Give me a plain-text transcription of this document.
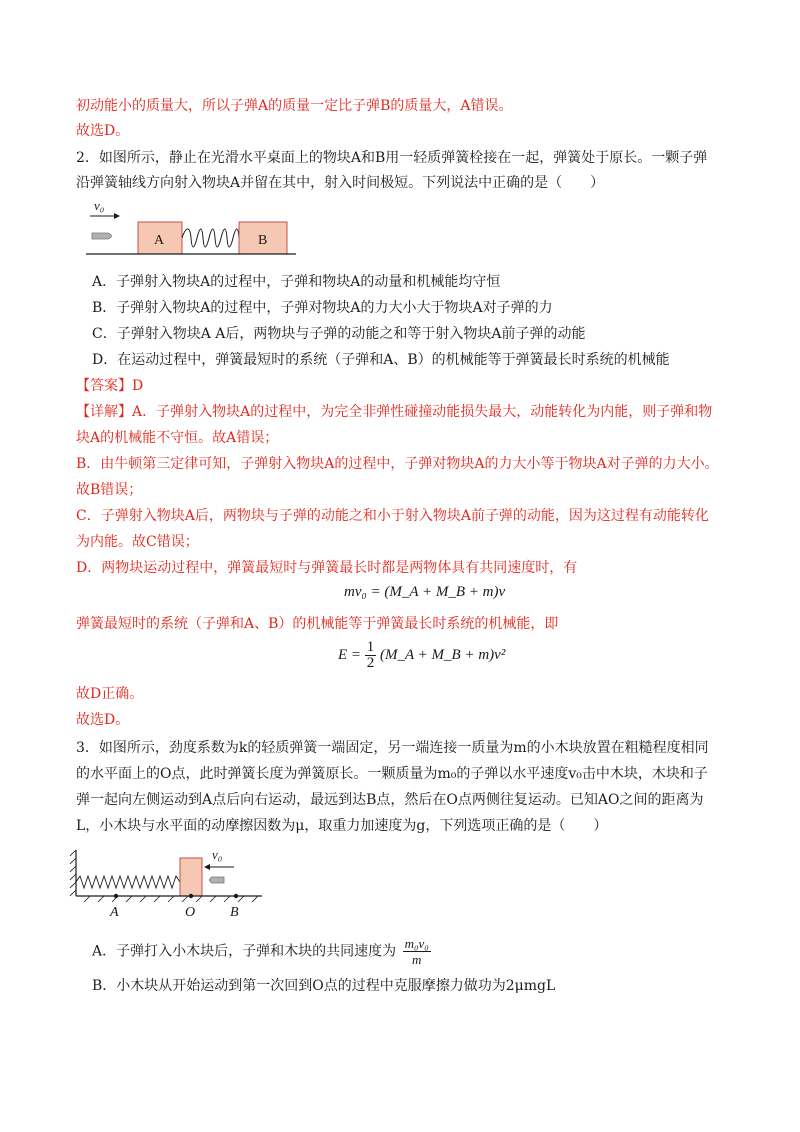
初动能小的质量大，所以子弹A的质量一定比子弹B的质量大，A错误。
故选D。
2．如图所示，静止在光滑水平桌面上的物块A和B用一轻质弹簧栓接在一起，弹簧处于原长。一颗子弹
沿弹簧轴线方向射入物块A并留在其中，射入时间极短。下列说法中正确的是（　　）
v₀
A	B
A．子弹射入物块A的过程中，子弹和物块A的动量和机械能均守恒
B．子弹射入物块A的过程中，子弹对物块A的力大小大于物块A对子弹的力
C．子弹射入物块A A后，两物块与子弹的动能之和等于射入物块A前子弹的动能
D．在运动过程中，弹簧最短时的系统（子弹和A、B）的机械能等于弹簧最长时系统的机械能
【答案】D
【详解】A．子弹射入物块A的过程中，为完全非弹性碰撞动能损失最大，动能转化为内能，则子弹和物
块A的机械能不守恒。故A错误；
B．由牛顿第三定律可知，子弹射入物块A的过程中，子弹对物块A的力大小等于物块A对子弹的力大小。
故B错误；
C．子弹射入物块A后，两物块与子弹的动能之和小于射入物块A前子弹的动能，因为这过程有动能转化
为内能。故C错误；
D．两物块运动过程中，弹簧最短时与弹簧最长时都是两物体具有共同速度时，有
mv₀ = (M_A + M_B + m)v
弹簧最短时的系统（子弹和A、B）的机械能等于弹簧最长时系统的机械能，即
$E = \frac{1}{2}$ (M_A + M_B + m)v²
故D正确。
故选D。
3．如图所示，劲度系数为k的轻质弹簧一端固定，另一端连接一质量为m的小木块放置在粗糙程度相同
的水平面上的O点，此时弹簧长度为弹簧原长。一颗质量为m₀的子弹以水平速度v₀击中木块，木块和子
弹一起向左侧运动到A点后向右运动，最远到达B点，然后在O点两侧往复运动。已知AO之间的距离为
L，小木块与水平面的动摩擦因数为μ，取重力加速度为g，下列选项正确的是（　　）
v₀
A	O B
A．子弹打入小木块后，子弹和木块的共同速度为 $\frac{\text{m₀v₀}}{m}$
B．小木块从开始运动到第一次回到O点的过程中克服摩擦力做功为2μmgL
